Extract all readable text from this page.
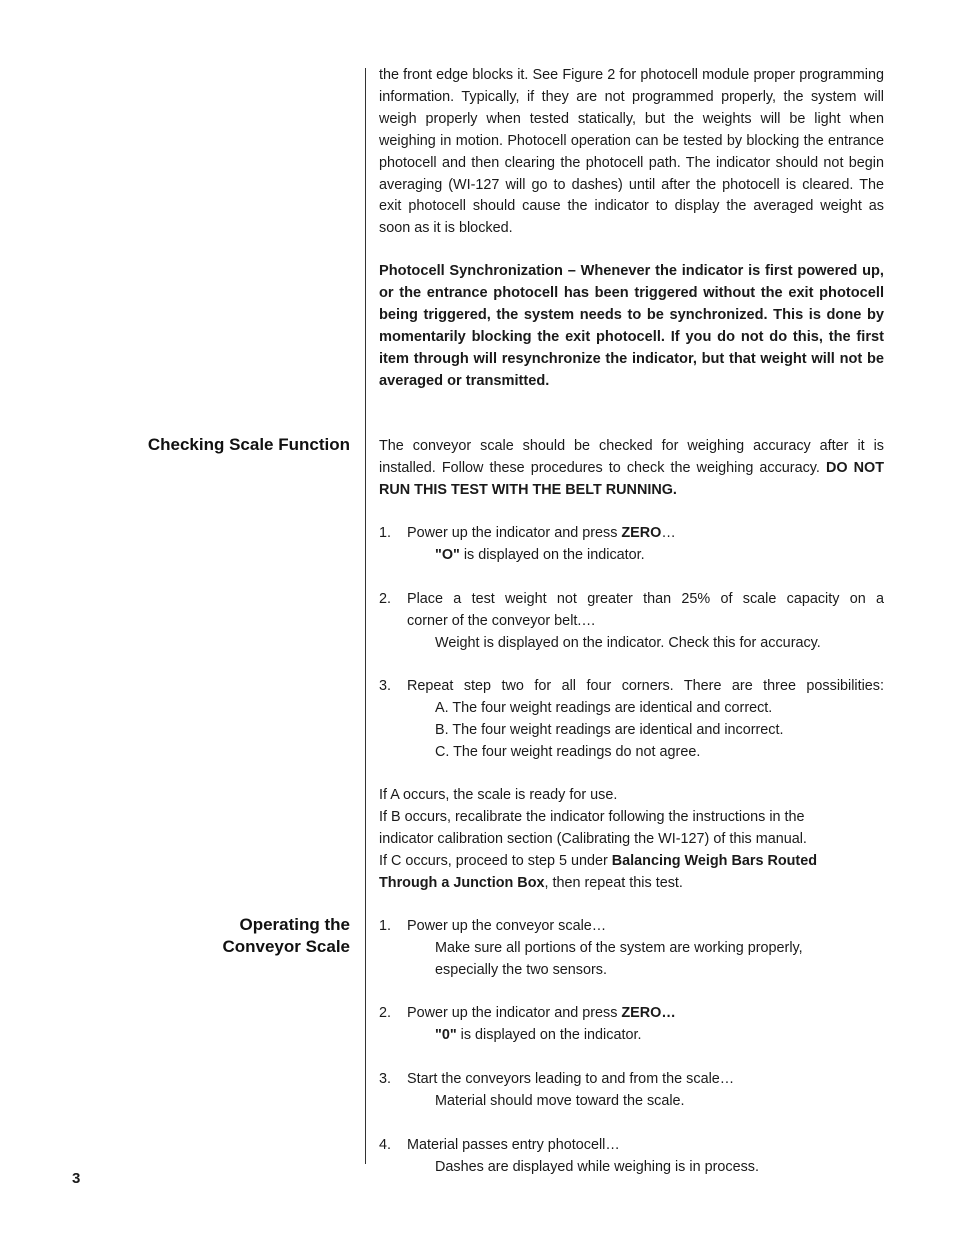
Checking Scale Function
Operating the
Conveyor Scale
the front edge blocks it. See Figure 2 for photocell module proper programming information. Typically, if they are not programmed properly, the system will weigh properly when tested statically, but the weights will be light when weighing in motion. Photocell operation can be tested by blocking the entrance photocell and then clearing the photocell path. The indicator should not begin averaging (WI-127 will go to dashes) until after the photocell is cleared. The exit photocell should cause the indicator to display the averaged weight as soon as it is blocked.
Photocell Synchronization – Whenever the indicator is first powered up, or the entrance photocell has been triggered without the exit photocell being triggered, the system needs to be synchronized. This is done by momentarily blocking the exit photocell. If you do not do this, the first item through will resynchronize the indicator, but that weight will not be averaged or transmitted.
The conveyor scale should be checked for weighing accuracy after it is installed. Follow these procedures to check the weighing accuracy. DO NOT RUN THIS TEST WITH THE BELT RUNNING.
1.	Power up the indicator and press ZERO…
"O" is displayed on the indicator.
2.	Place a test weight not greater than 25% of scale capacity on a
corner of the conveyor belt.…
Weight is displayed on the indicator. Check this for accuracy.
3.	Repeat step two for all four corners. There are three possibilities:
A. The four weight readings are identical and correct.
B. The four weight readings are identical and incorrect.
C. The four weight readings do not agree.
If A occurs, the scale is ready for use.
If B occurs, recalibrate the indicator following the instructions in the
indicator calibration section (Calibrating the WI-127) of this manual.
If C occurs, proceed to step 5 under Balancing Weigh Bars Routed
Through a Junction Box, then repeat this test.
1.	Power up the conveyor scale…
Make sure all portions of the system are working properly,
especially the two sensors.
2.	Power up the indicator and press ZERO…
"0" is displayed on the indicator.
3.	Start the conveyors leading to and from the scale…
Material should move toward the scale.
4.	Material passes entry photocell…
Dashes are displayed while weighing is in process.
3
